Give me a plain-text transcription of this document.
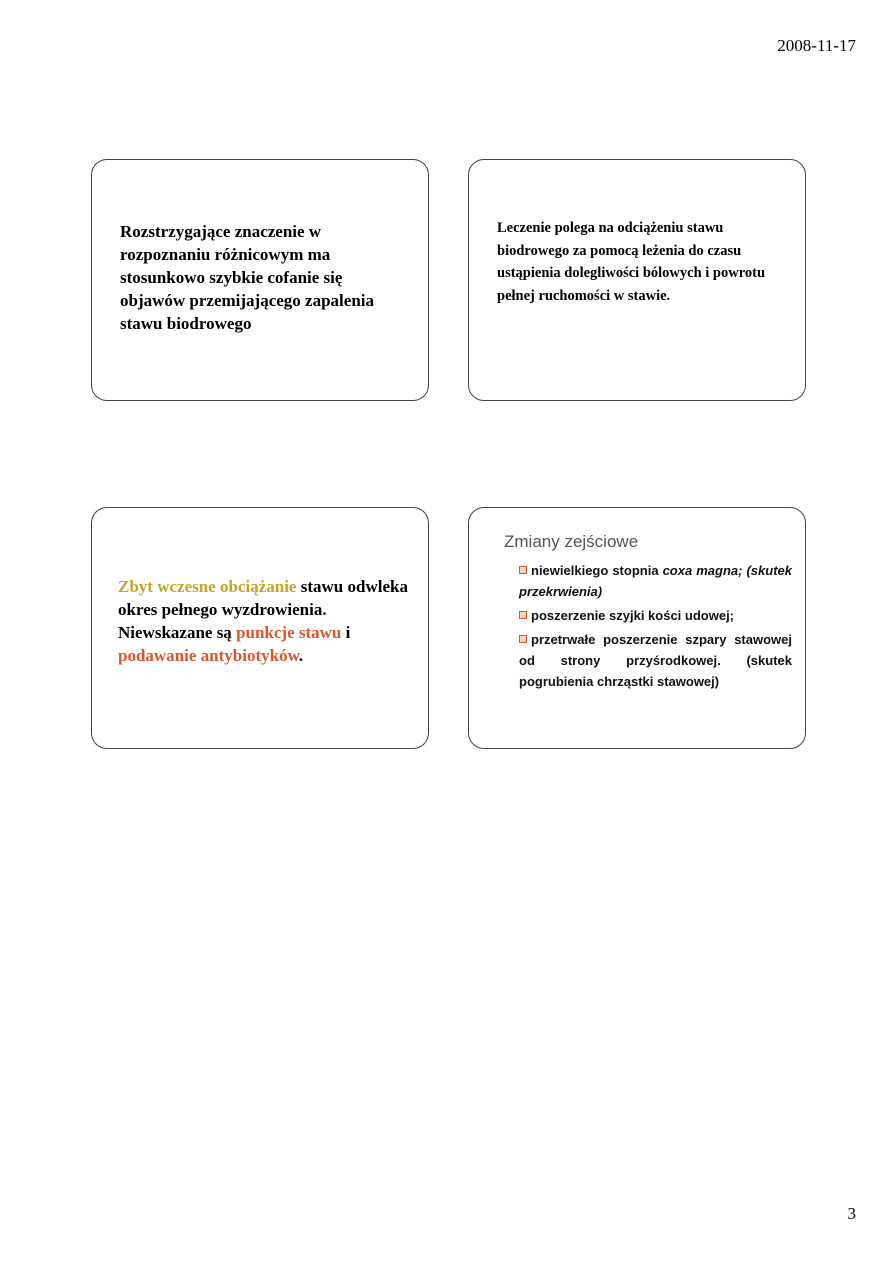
2008-11-17
Rozstrzygające znaczenie w rozpoznaniu różnicowym ma stosunkowo szybkie cofanie się objawów przemijającego zapalenia stawu biodrowego
Leczenie polega na odciążeniu stawu biodrowego za pomocą leżenia do czasu ustąpienia dolegliwości bólowych i powrotu pełnej ruchomości w stawie.
Zbyt wczesne obciążanie stawu odwleka okres pełnego wyzdrowienia.
Niewskazane są punkcje stawu i podawanie antybiotyków.
Zmiany zejściowe
niewielkiego stopnia coxa magna; (skutek przekrwienia)
poszerzenie szyjki kości udowej;
przetrwałe poszerzenie szpary stawowej od strony przyśrodkowej. (skutek pogrubienia chrząstki stawowej)
3
